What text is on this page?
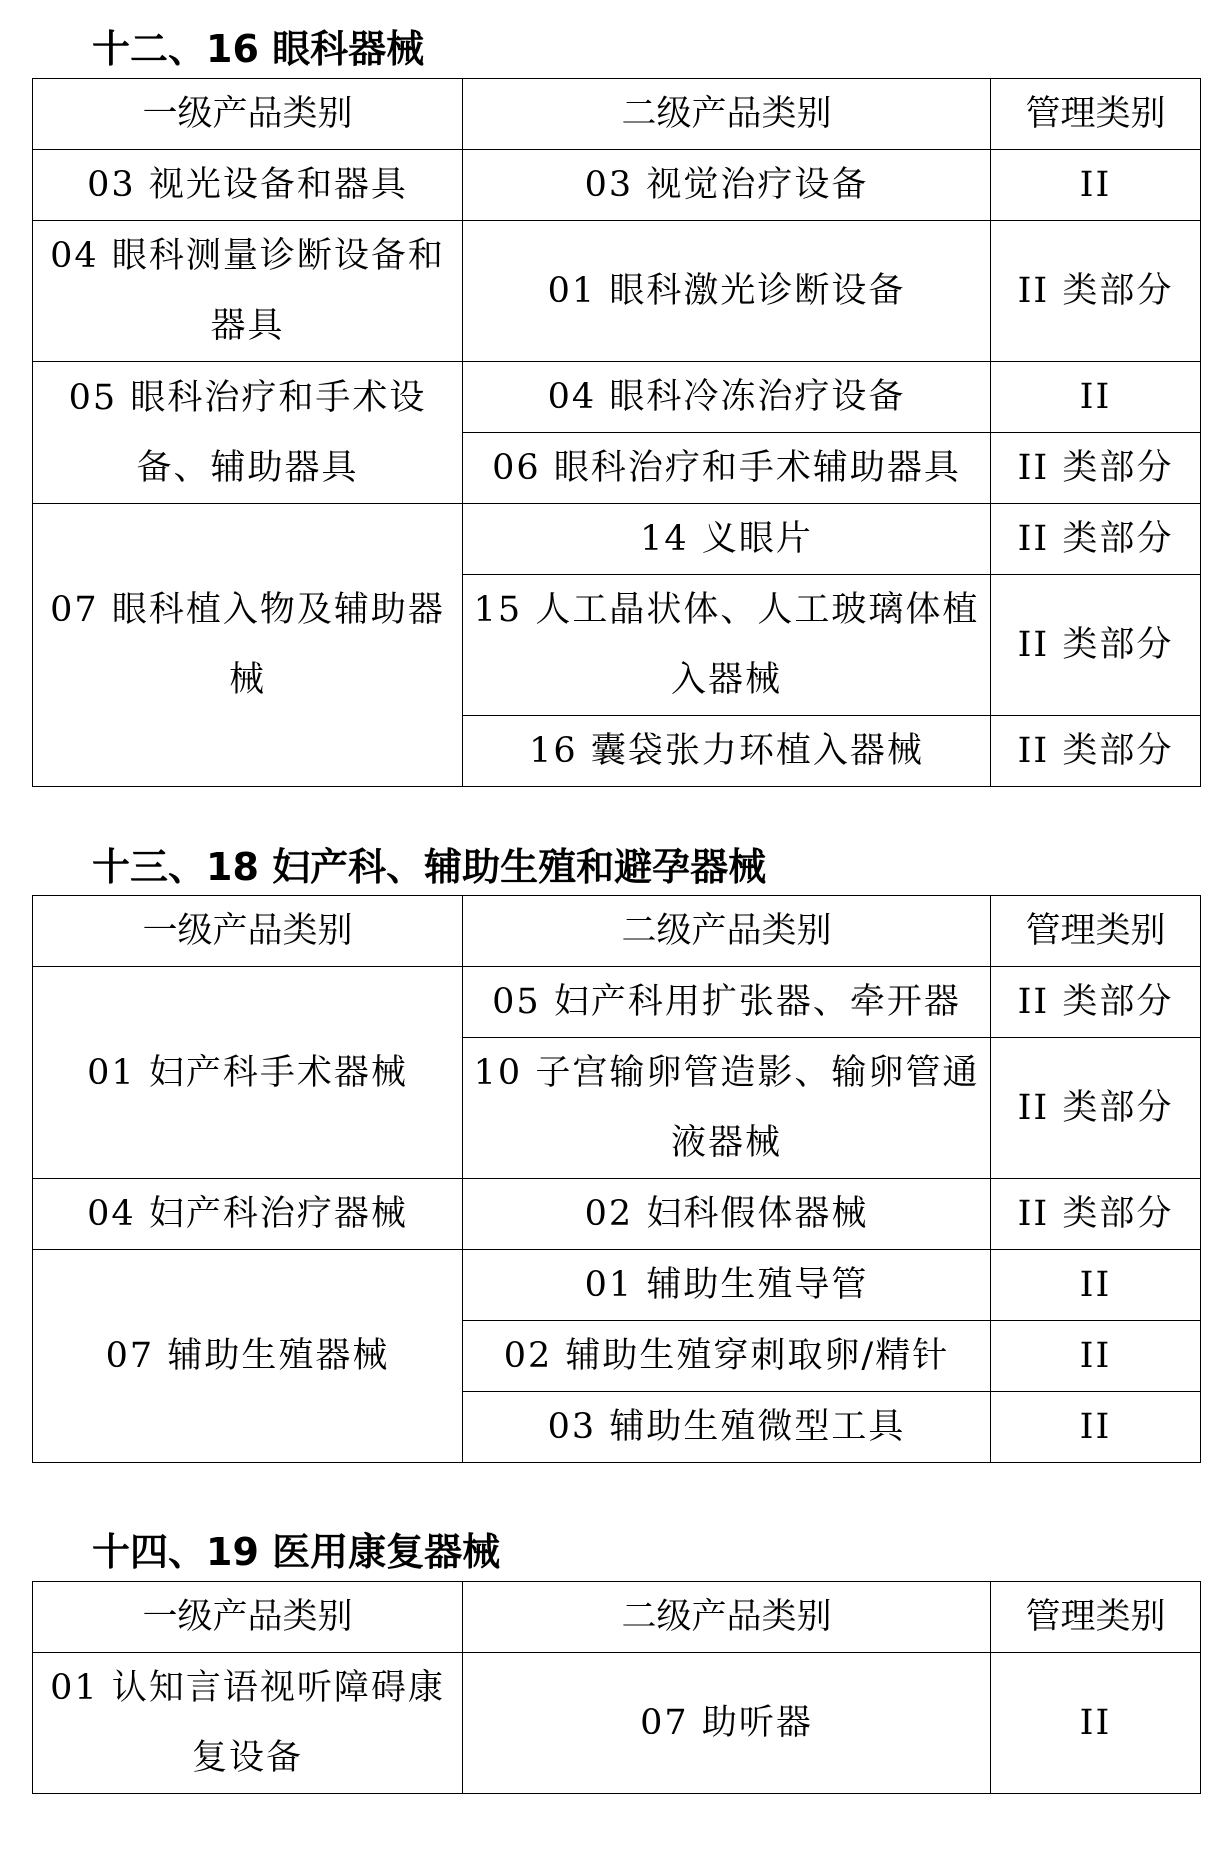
十二、16 眼科器械
一级产品类别	二级产品类别	管理类别
03 视光设备和器具	03 视觉治疗设备	II
04 眼科测量诊断设备和器具	01 眼科激光诊断设备	II 类部分
05 眼科治疗和手术设备、辅助器具	04 眼科冷冻治疗设备	II
	06 眼科治疗和手术辅助器具	II 类部分
07 眼科植入物及辅助器械	14 义眼片	II 类部分
	15 人工晶状体、人工玻璃体植入器械	II 类部分
	16 囊袋张力环植入器械	II 类部分
十三、18 妇产科、辅助生殖和避孕器械
一级产品类别	二级产品类别	管理类别
01 妇产科手术器械	05 妇产科用扩张器、牵开器	II 类部分
	10 子宫输卵管造影、输卵管通液器械	II 类部分
04 妇产科治疗器械	02 妇科假体器械	II 类部分
07 辅助生殖器械	01 辅助生殖导管	II
	02 辅助生殖穿刺取卵/精针	II
	03 辅助生殖微型工具	II
十四、19 医用康复器械
一级产品类别	二级产品类别	管理类别
01 认知言语视听障碍康复设备	07 助听器	II
